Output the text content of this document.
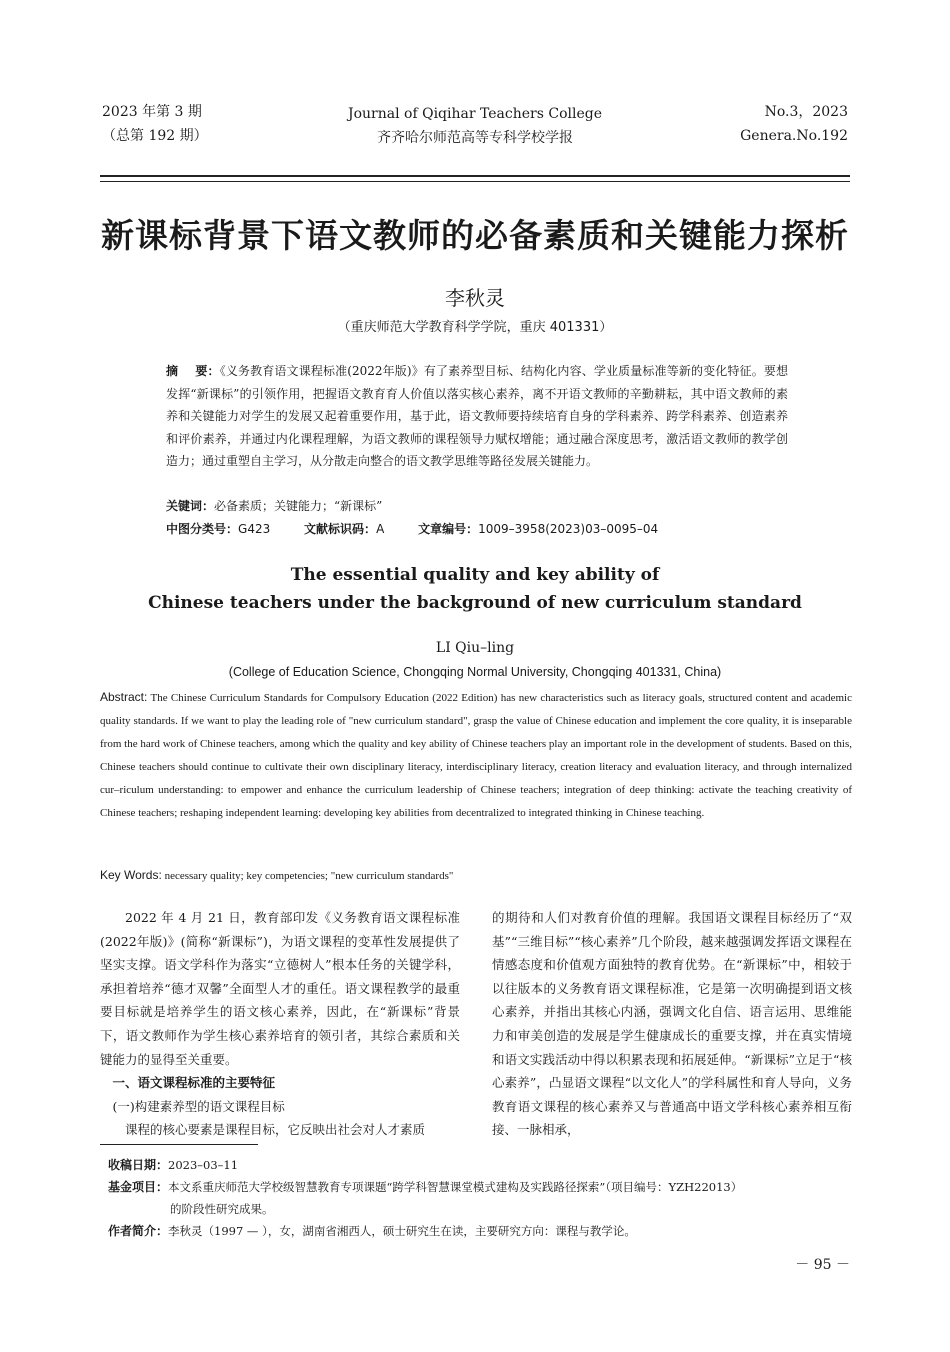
2023 年第 3 期
（总第 192 期）
Journal of Qiqihar Teachers College
齐齐哈尔师范高等专科学校学报
No.3，2023
Genera.No.192
新课标背景下语文教师的必备素质和关键能力探析
李秋灵
（重庆师范大学教育科学学院，重庆 401331）
摘    要：《义务教育语文课程标准(2022年版)》有了素养型目标、结构化内容、学业质量标准等新的变化特征。要想发挥“新课标”的引领作用，把握语文教育育人价值以落实核心素养，离不开语文教师的辛勤耕耘，其中语文教师的素养和关键能力对学生的发展又起着重要作用，基于此，语文教师要持续培育自身的学科素养、跨学科素养、创造素养和评价素养，并通过内化课程理解，为语文教师的课程领导力赋权增能；通过融合深度思考，激活语文教师的教学创造力；通过重塑自主学习，从分散走向整合的语文教学思维等路径发展关键能力。
关键词：必备素质；关键能力；“新课标”
中图分类号：G423	文献标识码：A	文章编号：1009–3958(2023)03–0095–04
The essential quality and key ability of
Chinese teachers under the background of new curriculum standard
LI Qiu–ling
(College of Education Science, Chongqing Normal University, Chongqing 401331, China)
Abstract: The Chinese Curriculum Standards for Compulsory Education (2022 Edition) has new characteristics such as literacy goals, structured content and academic quality standards. If we want to play the leading role of "new curriculum standard", grasp the value of Chinese education and implement the core quality, it is inseparable from the hard work of Chinese teachers, among which the quality and key ability of Chinese teachers play an important role in the development of students. Based on this, Chinese teachers should continue to cultivate their own disciplinary literacy, interdisciplinary literacy, creation literacy and evaluation literacy, and through internalized cur–riculum understanding: to empower and enhance the curriculum leadership of Chinese teachers; integration of deep thinking: activate the teaching creativity of Chinese teachers; reshaping independent learning: developing key abilities from decentralized to integrated thinking in Chinese teaching.
Key Words: necessary quality; key competencies; "new curriculum standards"

2022 年 4 月 21 日，教育部印发《义务教育语文课程标准(2022年版)》(简称“新课标”)，为语文课程的变革性发展提供了坚实支撑。语文学科作为落实“立德树人”根本任务的关键学科，承担着培养“德才双馨”全面型人才的重任。语文课程教学的最重要目标就是培养学生的语文核心素养，因此，在“新课标”背景下，语文教师作为学生核心素养培育的领引者，其综合素质和关键能力的显得至关重要。

一、语文课程标准的主要特征

(一)构建素养型的语文课程目标

课程的核心要素是课程目标，它反映出社会对人才素质

的期待和人们对教育价值的理解。我国语文课程目标经历了“双基”“三维目标”“核心素养”几个阶段，越来越强调发挥语文课程在情感态度和价值观方面独特的教育优势。在“新课标”中，相较于以往版本的义务教育语文课程标准，它是第一次明确提到语文核心素养，并指出其核心内涵，强调文化自信、语言运用、思维能力和审美创造的发展是学生健康成长的重要支撑，并在真实情境和语文实践活动中得以积累表现和拓展延伸。“新课标”立足于“核心素养”，凸显语文课程“以文化人”的学科属性和育人导向，义务教育语文课程的核心素养又与普通高中语文学科核心素养相互衔接、一脉相承，

收稿日期：2023–03–11
基金项目：本文系重庆师范大学校级智慧教育专项课题“跨学科智慧课堂模式建构及实践路径探索”（项目编号：YZH22013）
的阶段性研究成果。
作者简介：李秋灵（1997 — ），女，湖南省湘西人，硕士研究生在读，主要研究方向：课程与教学论。
－ 95 －
